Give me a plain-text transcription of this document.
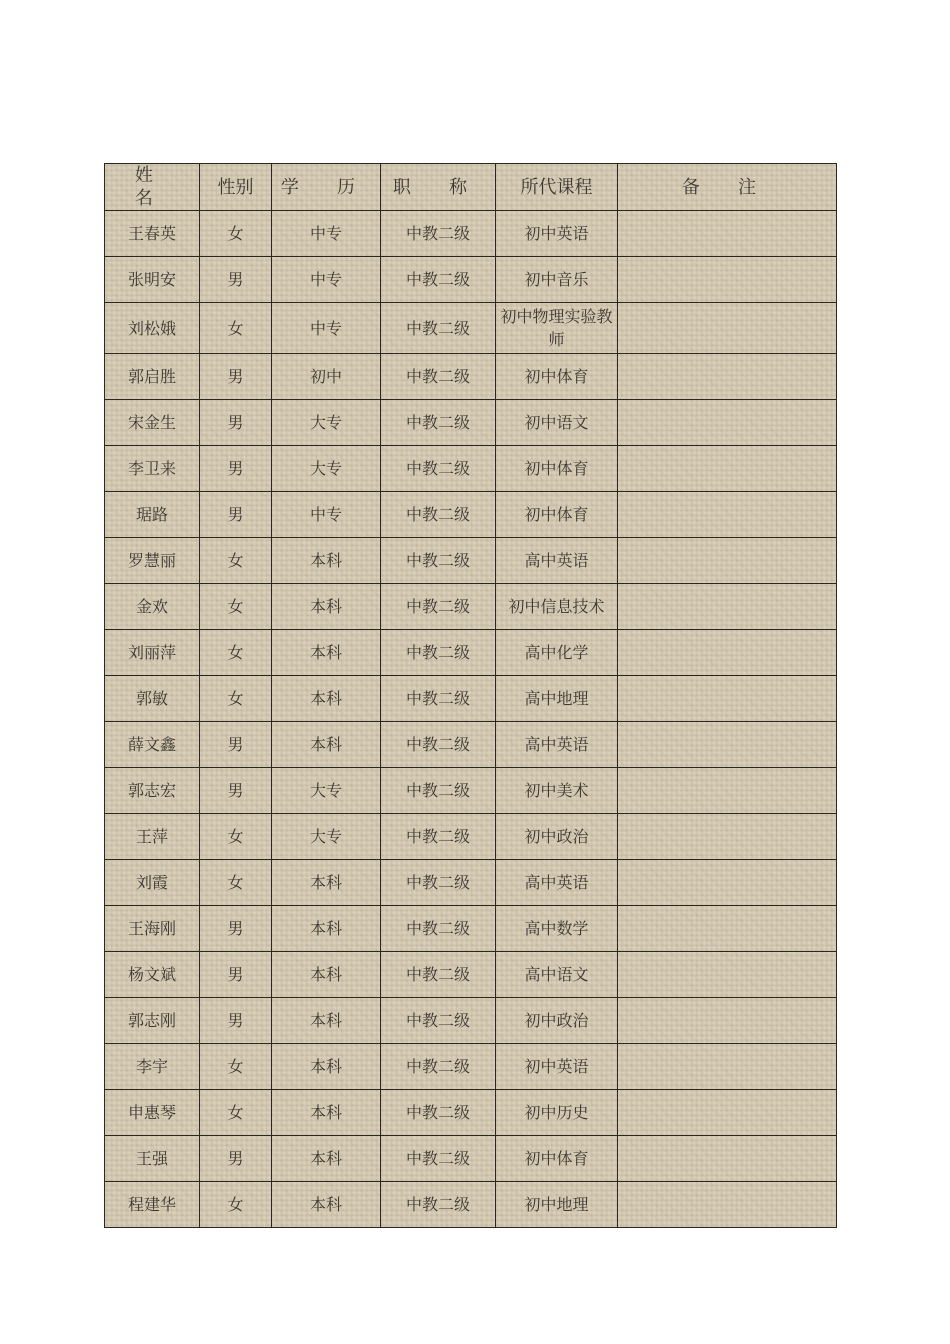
姓 名	性别	学 历	职 称	所代课程	备 注
王春英	女	中专	中教二级	初中英语	
张明安	男	中专	中教二级	初中音乐	
刘松娥	女	中专	中教二级	初中物理实验教师	
郭启胜	男	初中	中教二级	初中体育	
宋金生	男	大专	中教二级	初中语文	
李卫来	男	大专	中教二级	初中体育	
琚路	男	中专	中教二级	初中体育	
罗慧丽	女	本科	中教二级	高中英语	
金欢	女	本科	中教二级	初中信息技术	
刘丽萍	女	本科	中教二级	高中化学	
郭敏	女	本科	中教二级	高中地理	
薛文鑫	男	本科	中教二级	高中英语	
郭志宏	男	大专	中教二级	初中美术	
王萍	女	大专	中教二级	初中政治	
刘霞	女	本科	中教二级	高中英语	
王海刚	男	本科	中教二级	高中数学	
杨文斌	男	本科	中教二级	高中语文	
郭志刚	男	本科	中教二级	初中政治	
李宇	女	本科	中教二级	初中英语	
申惠琴	女	本科	中教二级	初中历史	
王强	男	本科	中教二级	初中体育	
程建华	女	本科	中教二级	初中地理	
